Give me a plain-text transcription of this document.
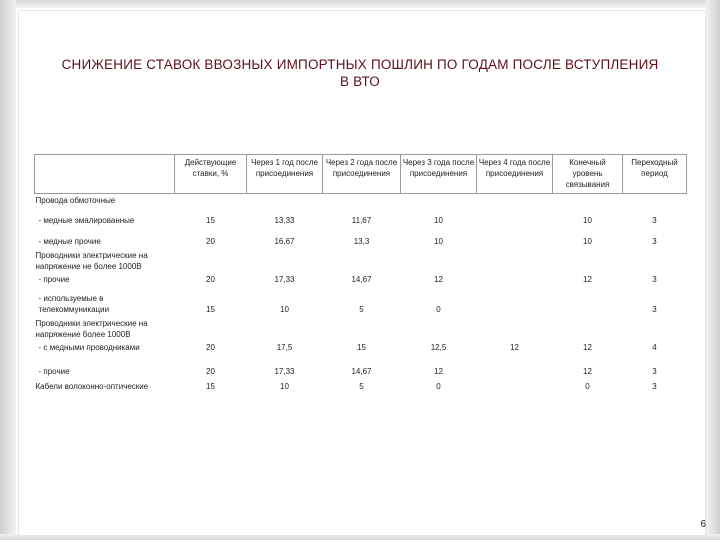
СНИЖЕНИЕ СТАВОК ВВОЗНЫХ ИМПОРТНЫХ ПОШЛИН ПО ГОДАМ ПОСЛЕ ВСТУПЛЕНИЯ В ВТО
	Действующие ставки, %	Через 1 год после присоединения	Через 2 года после присоединения	Через 3 года после присоединения	Через 4 года после присоединения	Конечный уровень связывания	Переходный период
Провода обмоточные							
- медные эмалированные	15	13,33	11,67	10		10	3
- медные прочие	20	16,67	13,3	10		10	3
Проводники электрические на напряжение не более 1000В							
- прочие	20	17,33	14,67	12		12	3
- используемые в телекоммуникации	15	10	5	0			3
Проводники электрические на напряжение более 1000В							
- с медными проводниками	20	17,5	15	12,5	12	12	4
- прочие	20	17,33	14,67	12		12	3
Кабели волоконно-оптические	15	10	5	0		0	3
6
